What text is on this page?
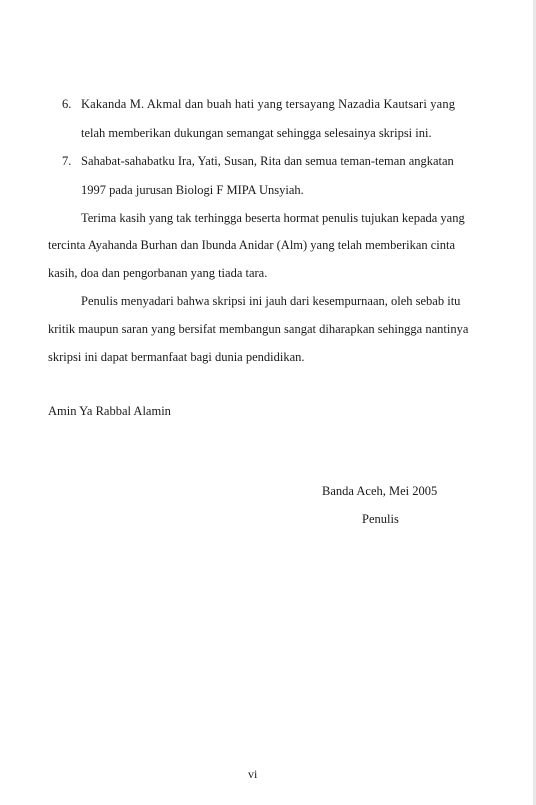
6. Kakanda M. Akmal dan buah hati yang tersayang Nazadia Kautsari yang
telah memberikan dukungan semangat sehingga selesainya skripsi ini.
7. Sahabat-sahabatku Ira, Yati, Susan, Rita dan semua teman-teman angkatan
1997 pada jurusan Biologi F MIPA Unsyiah.
Terima kasih yang tak terhingga beserta hormat penulis tujukan kepada yang
tercinta Ayahanda Burhan dan Ibunda Anidar (Alm) yang telah memberikan cinta
kasih, doa dan pengorbanan yang tiada tara.
Penulis menyadari bahwa skripsi ini jauh dari kesempurnaan, oleh sebab itu
kritik maupun saran yang bersifat membangun sangat diharapkan sehingga nantinya
skripsi ini dapat bermanfaat bagi dunia pendidikan.
Amin Ya Rabbal Alamin
Banda Aceh, Mei 2005
Penulis
vi
